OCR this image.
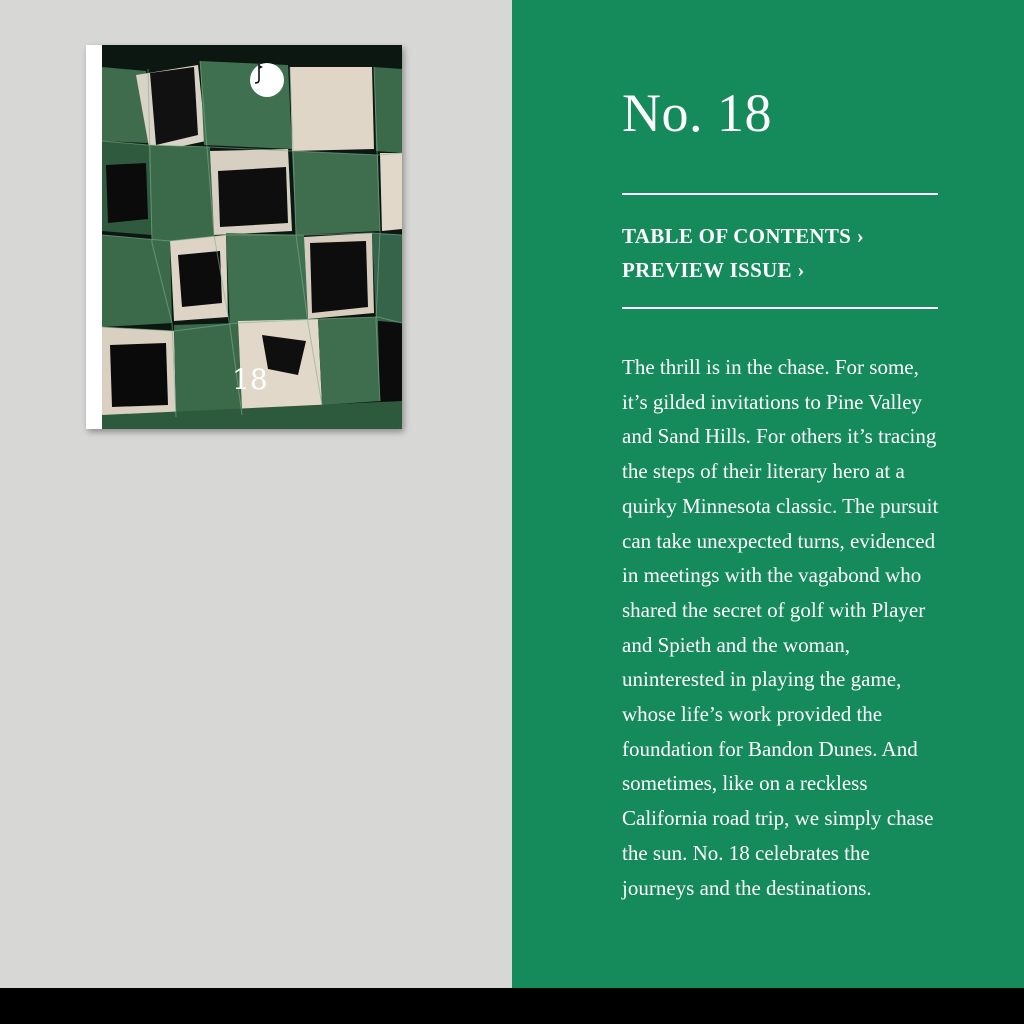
18
No. 18
TABLE OF CONTENTS ›
PREVIEW ISSUE ›

The thrill is in the chase. For some, it’s gilded invitations to Pine Valley and Sand Hills. For others it’s tracing the steps of their literary hero at a quirky Minnesota classic. The pursuit can take unexpected turns, evidenced in meetings with the vagabond who shared the secret of golf with Player and Spieth and the woman, uninterested in playing the game, whose life’s work provided the foundation for Bandon Dunes. And sometimes, like on a reckless California road trip, we simply chase the sun. No. 18 celebrates the journeys and the destinations.
